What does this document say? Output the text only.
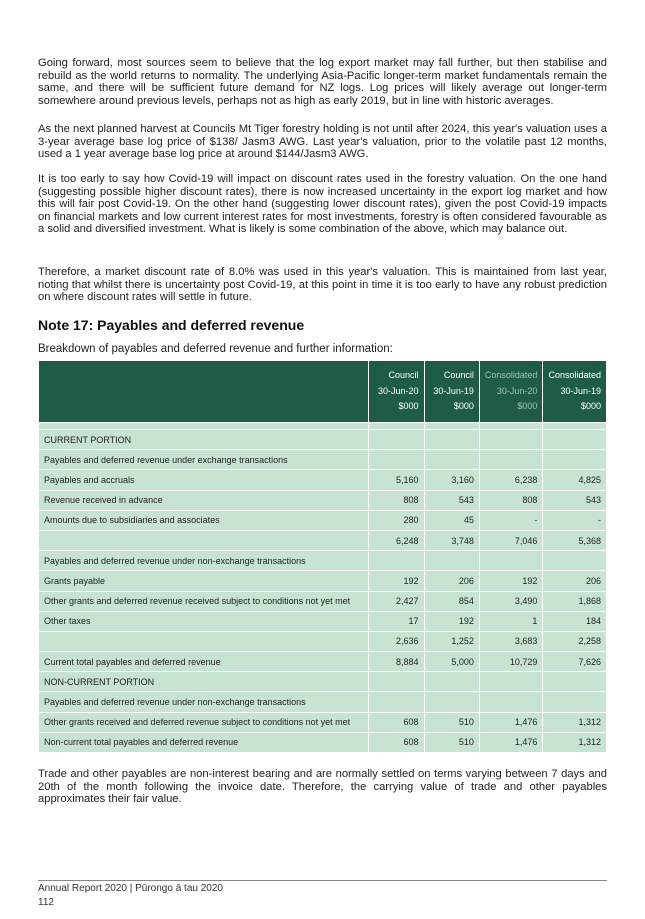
Going forward, most sources seem to believe that the log export market may fall further, but then stabilise and rebuild as the world returns to normality. The underlying Asia-Pacific longer-term market fundamentals remain the same, and there will be sufficient future demand for NZ logs. Log prices will likely average out longer-term somewhere around previous levels, perhaps not as high as early 2019, but in line with historic averages.

As the next planned harvest at Councils Mt Tiger forestry holding is not until after 2024, this year's valuation uses a 3-year average base log price of $138/ Jasm3 AWG. Last year's valuation, prior to the volatile past 12 months, used a 1 year average base log price at around $144/Jasm3 AWG.

It is too early to say how Covid-19 will impact on discount rates used in the forestry valuation. On the one hand (suggesting possible higher discount rates), there is now increased uncertainty in the export log market and how this will fair post Covid-19. On the other hand (suggesting lower discount rates), given the post Covid-19 impacts on financial markets and low current interest rates for most investments, forestry is often considered favourable as a solid and diversified investment. What is likely is some combination of the above, which may balance out.

Therefore, a market discount rate of 8.0% was used in this year's valuation. This is maintained from last year, noting that whilst there is uncertainty post Covid-19, at this point in time it is too early to have any robust prediction on where discount rates will settle in future.

Note 17: Payables and deferred revenue

Breakdown of payables and deferred revenue and further information:

	Council
30-Jun-20
$000	Council
30-Jun-19
$000	Consolidated
30-Jun-20
$000	Consolidated
30-Jun-19
$000

CURRENT PORTION				
Payables and deferred revenue under exchange transactions				
Payables and accruals	5,160	3,160	6,238	4,825
Revenue received in advance	808	543	808	543
Amounts due to subsidiaries and associates	280	45	-	-
	6,248	3,748	7,046	5,368
Payables and deferred revenue under non-exchange transactions				
Grants payable	192	206	192	206
Other grants and deferred revenue received subject to conditions not yet met	2,427	854	3,490	1,868
Other taxes	17	192	1	184
	2,636	1,252	3,683	2,258
Current total payables and deferred revenue	8,884	5,000	10,729	7,626
NON-CURRENT PORTION				
Payables and deferred revenue under non-exchange transactions				
Other grants received and deferred revenue subject to conditions not yet met	608	510	1,476	1,312
Non-current total payables and deferred revenue	608	510	1,476	1,312

Trade and other payables are non-interest bearing and are normally settled on terms varying between 7 days and 20th of the month following the invoice date. Therefore, the carrying value of trade and other payables approximates their fair value.

Annual Report 2020 | Pūrongo ā tau 2020

112
